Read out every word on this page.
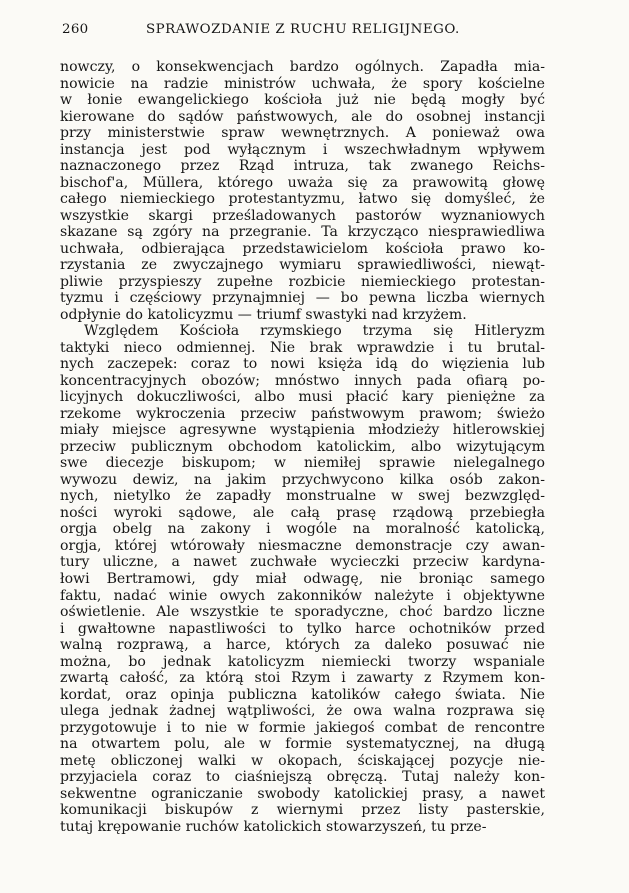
260	SPRAWOZDANIE Z RUCHU RELIGIJNEGO.
nowczy, o konsekwencjach bardzo ogólnych. Zapadła mia-
nowicie na radzie ministrów uchwała, że spory kościelne
w łonie ewangelickiego kościoła już nie będą mogły być
kierowane do sądów państwowych, ale do osobnej instancji
przy ministerstwie spraw wewnętrznych. A ponieważ owa
instancja jest pod wyłącznym i wszechwładnym wpływem
naznaczonego przez Rząd intruza, tak zwanego Reichs-
bischof'a, Müllera, którego uważa się za prawowitą głowę
całego niemieckiego protestantyzmu, łatwo się domyśleć, że
wszystkie skargi prześladowanych pastorów wyznaniowych
skazane są zgóry na przegranie. Ta krzycząco niesprawiedliwa
uchwała, odbierająca przedstawicielom kościoła prawo ko-
rzystania ze zwyczajnego wymiaru sprawiedliwości, niewąt-
pliwie przyspieszy zupełne rozbicie niemieckiego protestan-
tyzmu i częściowy przynajmniej — bo pewna liczba wiernych
odpłynie do katolicyzmu — triumf swastyki nad krzyżem.
Względem Kościoła rzymskiego trzyma się Hitleryzm
taktyki nieco odmiennej. Nie brak wprawdzie i tu brutal-
nych zaczepek: coraz to nowi księża idą do więzienia lub
koncentracyjnych obozów; mnóstwo innych pada ofiarą po-
licyjnych dokuczliwości, albo musi płacić kary pieniężne za
rzekome wykroczenia przeciw państwowym prawom; świeżo
miały miejsce agresywne wystąpienia młodzieży hitlerowskiej
przeciw publicznym obchodom katolickim, albo wizytującym
swe diecezje biskupom; w niemiłej sprawie nielegalnego
wywozu dewiz, na jakim przychwycono kilka osób zakon-
nych, nietylko że zapadły monstrualne w swej bezwzględ-
ności wyroki sądowe, ale całą prasę rządową przebiegła
orgja obelg na zakony i wogóle na moralność katolicką,
orgja, której wtórowały niesmaczne demonstracje czy awan-
tury uliczne, a nawet zuchwałe wycieczki przeciw kardyna-
łowi Bertramowi, gdy miał odwagę, nie broniąc samego
faktu, nadać winie owych zakonników należyte i objektywne
oświetlenie. Ale wszystkie te sporadyczne, choć bardzo liczne
i gwałtowne napastliwości to tylko harce ochotników przed
walną rozprawą, a harce, których za daleko posuwać nie
można, bo jednak katolicyzm niemiecki tworzy wspaniale
zwartą całość, za którą stoi Rzym i zawarty z Rzymem kon-
kordat, oraz opinja publiczna katolików całego świata. Nie
ulega jednak żadnej wątpliwości, że owa walna rozprawa się
przygotowuje i to nie w formie jakiegoś combat de rencontre
na otwartem polu, ale w formie systematycznej, na długą
metę obliczonej walki w okopach, ściskającej pozycje nie-
przyjaciela coraz to ciaśniejszą obręczą. Tutaj należy kon-
sekwentne ograniczanie swobody katolickiej prasy, a nawet
komunikacji biskupów z wiernymi przez listy pasterskie,
tutaj krępowanie ruchów katolickich stowarzyszeń, tu prze-
